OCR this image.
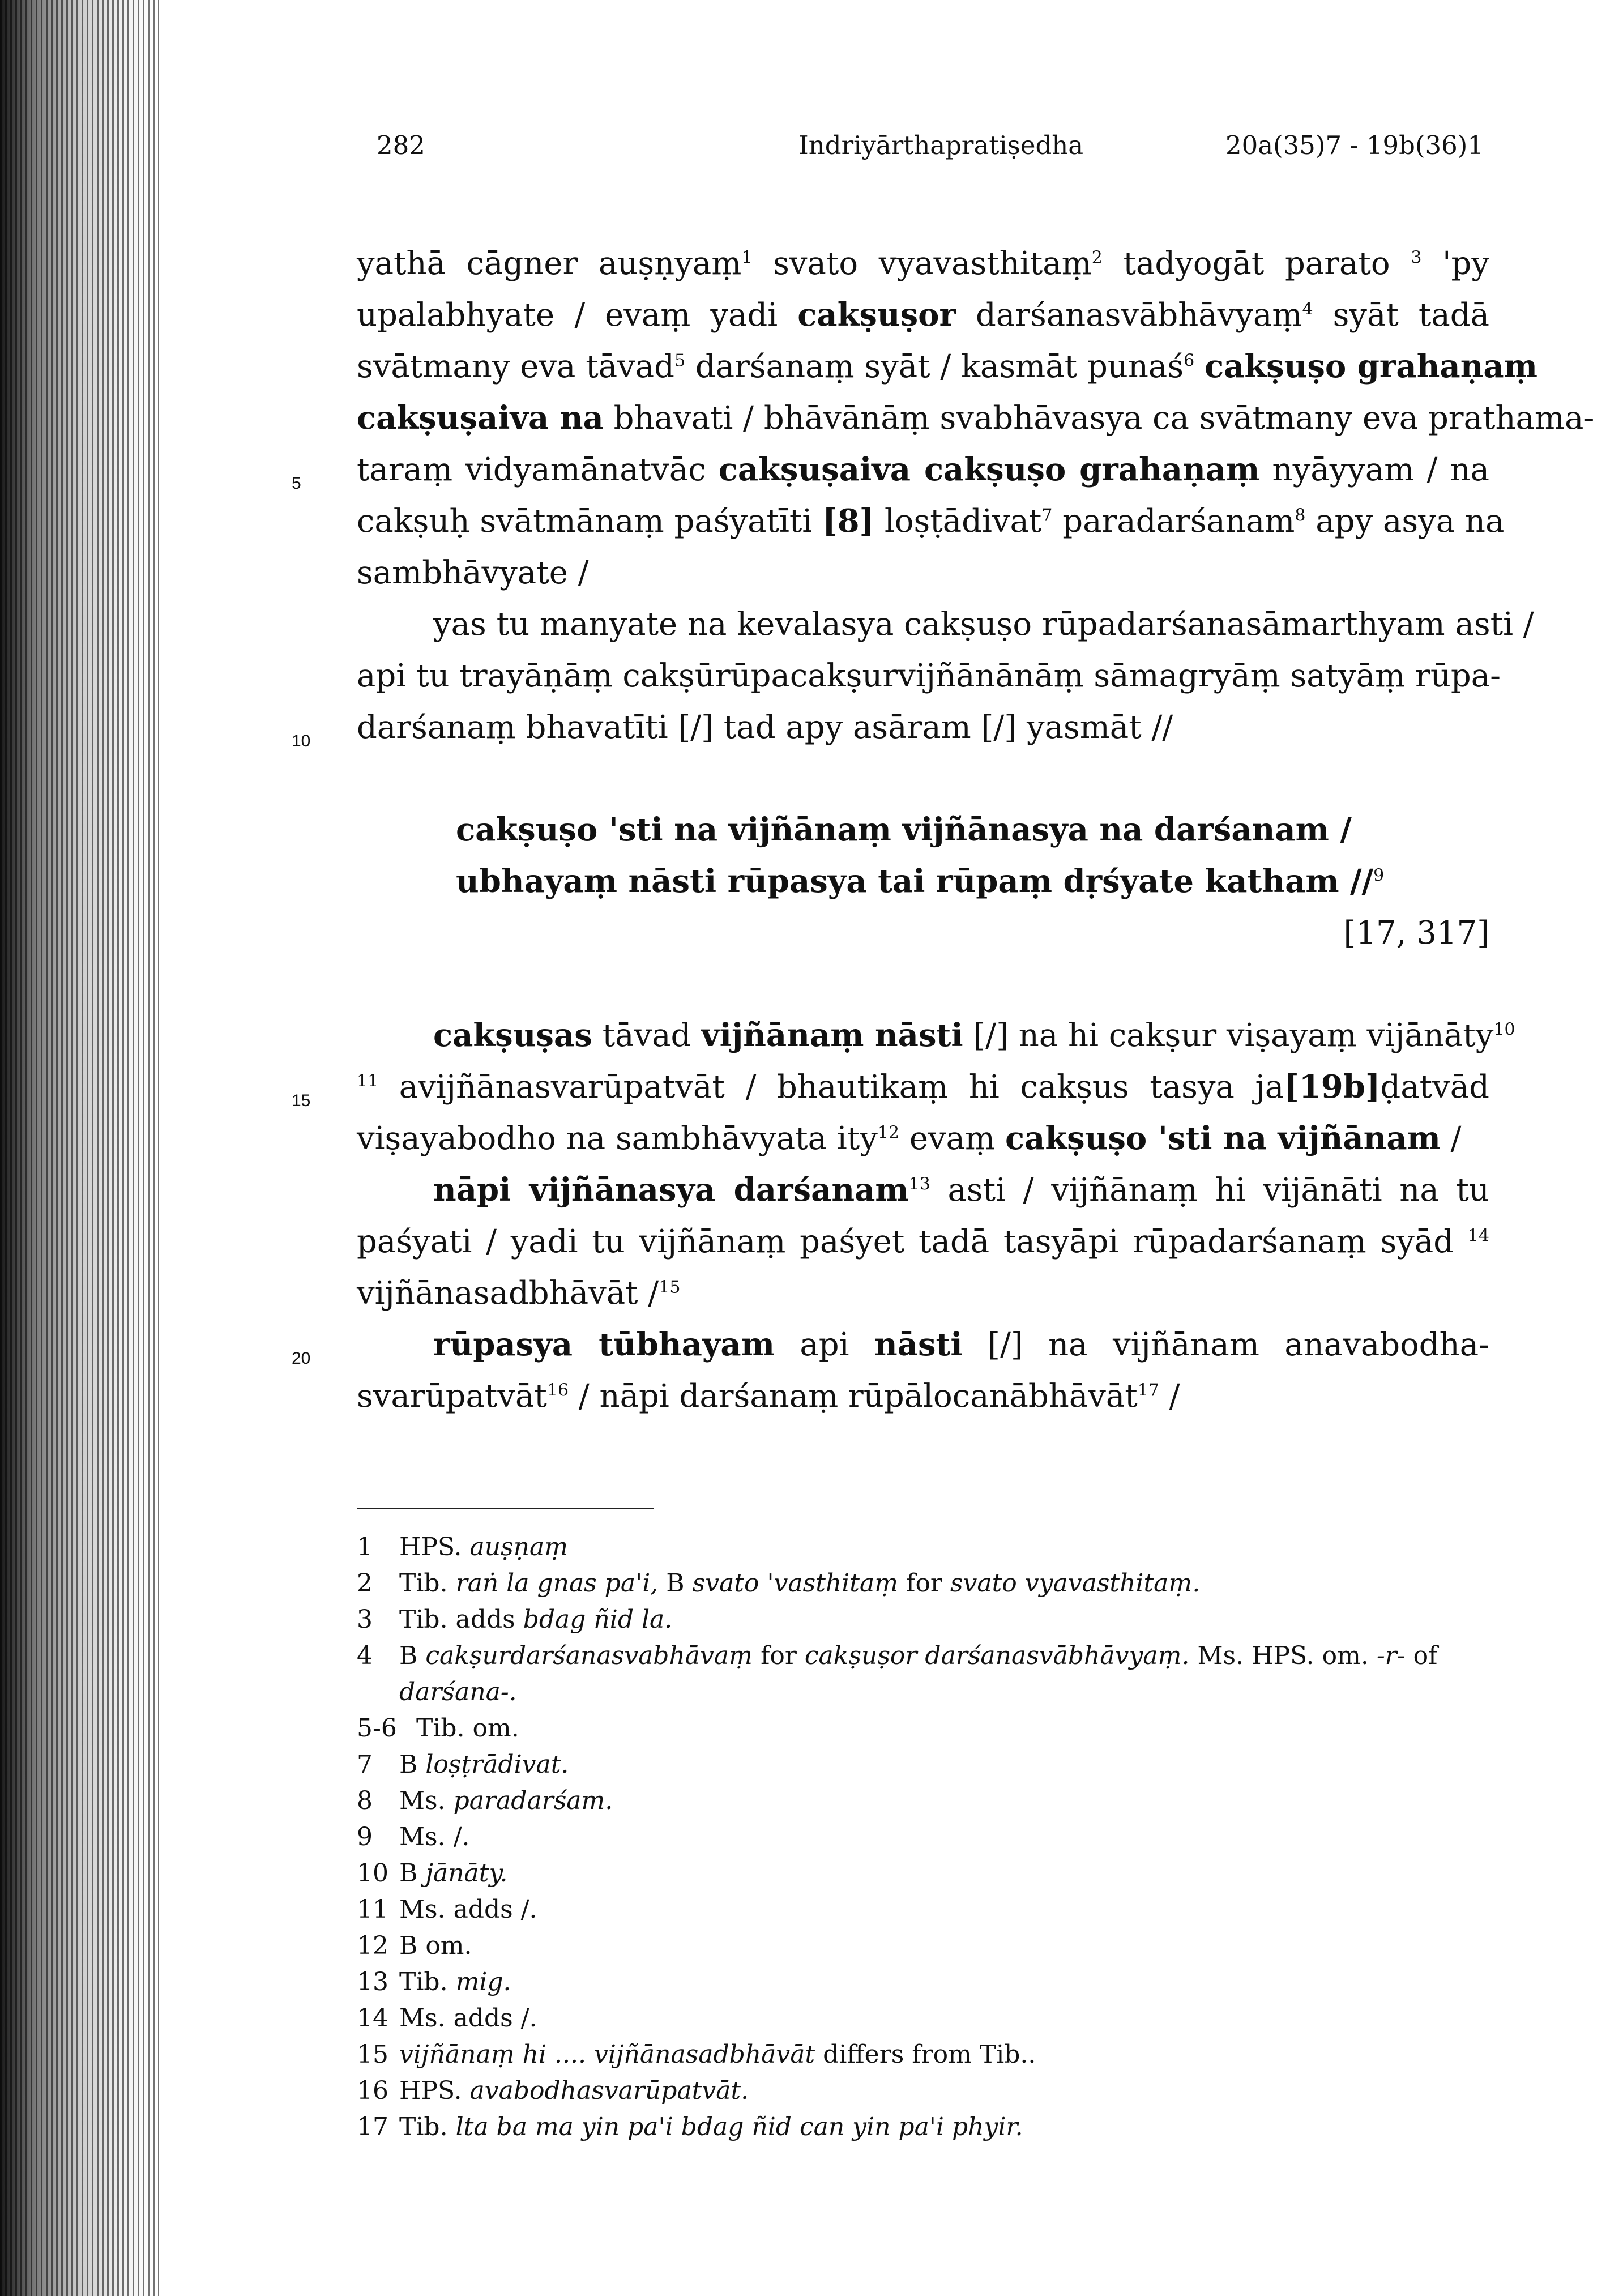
282	Indriyārthapratiṣedha	20a(35)7 - 19b(36)1
yathā cāgner auṣṇyaṃ$^1$ svato vyavasthitaṃ$^2$ tadyogāt parato $^3$ 'py
upalabhyate / evaṃ yadi cakṣuṣor darśanasvābhāvyaṃ$^4$ syāt tadā
svātmany eva tāvad$^5$ darśanaṃ syāt / kasmāt punaś$^6$ cakṣuṣo grahaṇaṃ
cakṣuṣaiva na bhavati / bhāvānāṃ svabhāvasya ca svātmany eva prathama-
5 taraṃ vidyamānatvāc cakṣuṣaiva cakṣuṣo grahaṇaṃ nyāyyam / na
cakṣuḥ svātmānaṃ paśyatīti [8] loṣṭādivat$^7$ paradarśanam$^8$ apy asya na
sambhāvyate /
yas tu manyate na kevalasya cakṣuṣo rūpadarśanasāmarthyam asti /
api tu trayāṇāṃ cakṣūrūpacakṣurvijñānānāṃ sāmagryāṃ satyāṃ rūpa-
10 darśanaṃ bhavatīti [/] tad apy asāram [/] yasmāt //
cakṣuṣo 'sti na vijñānaṃ vijñānasya na darśanam /
ubhayaṃ nāsti rūpasya tai rūpaṃ dṛśyate katham //$^9$
[17, 317]
cakṣuṣas tāvad vijñānaṃ nāsti [/] na hi cakṣur viṣayaṃ vijānāty$^{10}$
15
$^{11}$ avijñānasvarūpatvāt / bhautikaṃ hi cakṣus tasya ja[19b]ḍatvād
viṣayabodho na sambhāvyata ity$^{12}$ evaṃ cakṣuṣo 'sti na vijñānam /
nāpi vijñānasya darśanam$^{13}$ asti / vijñānaṃ hi vijānāti na tu
paśyati / yadi tu vijñānaṃ paśyet tadā tasyāpi rūpadarśanaṃ syād $^{14}$
vijñānasadbhāvāt /$^{15}$
20	rūpasya tūbhayam api nāsti [/] na vijñānam anavabodha-
svarūpatvāt$^{16}$ / nāpi darśanaṃ rūpālocanābhāvāt$^{17}$ /
1 HPS. auṣṇaṃ
2 Tib. raṅ la gnas pa'i, B svato 'vasthitaṃ for svato vyavasthitaṃ.
3 Tib. adds bdag ñid la.
4 B cakṣurdarśanasvabhāvaṃ for cakṣuṣor darśanasvābhāvyaṃ. Ms. HPS. om. -r- of
darśana-.
5-6 Tib. om.
7 B loṣṭrādivat.
8 Ms. paradarśam.
9 Ms. /.
10 B jānāty.
11 Ms. adds /.
12 B om.
13 Tib. mig.
14 Ms. adds /.
15 vijñānaṃ hi .... vijñānasadbhāvāt differs from Tib..
16 HPS. avabodhasvarūpatvāt.
17 Tib. lta ba ma yin pa'i bdag ñid can yin pa'i phyir.
